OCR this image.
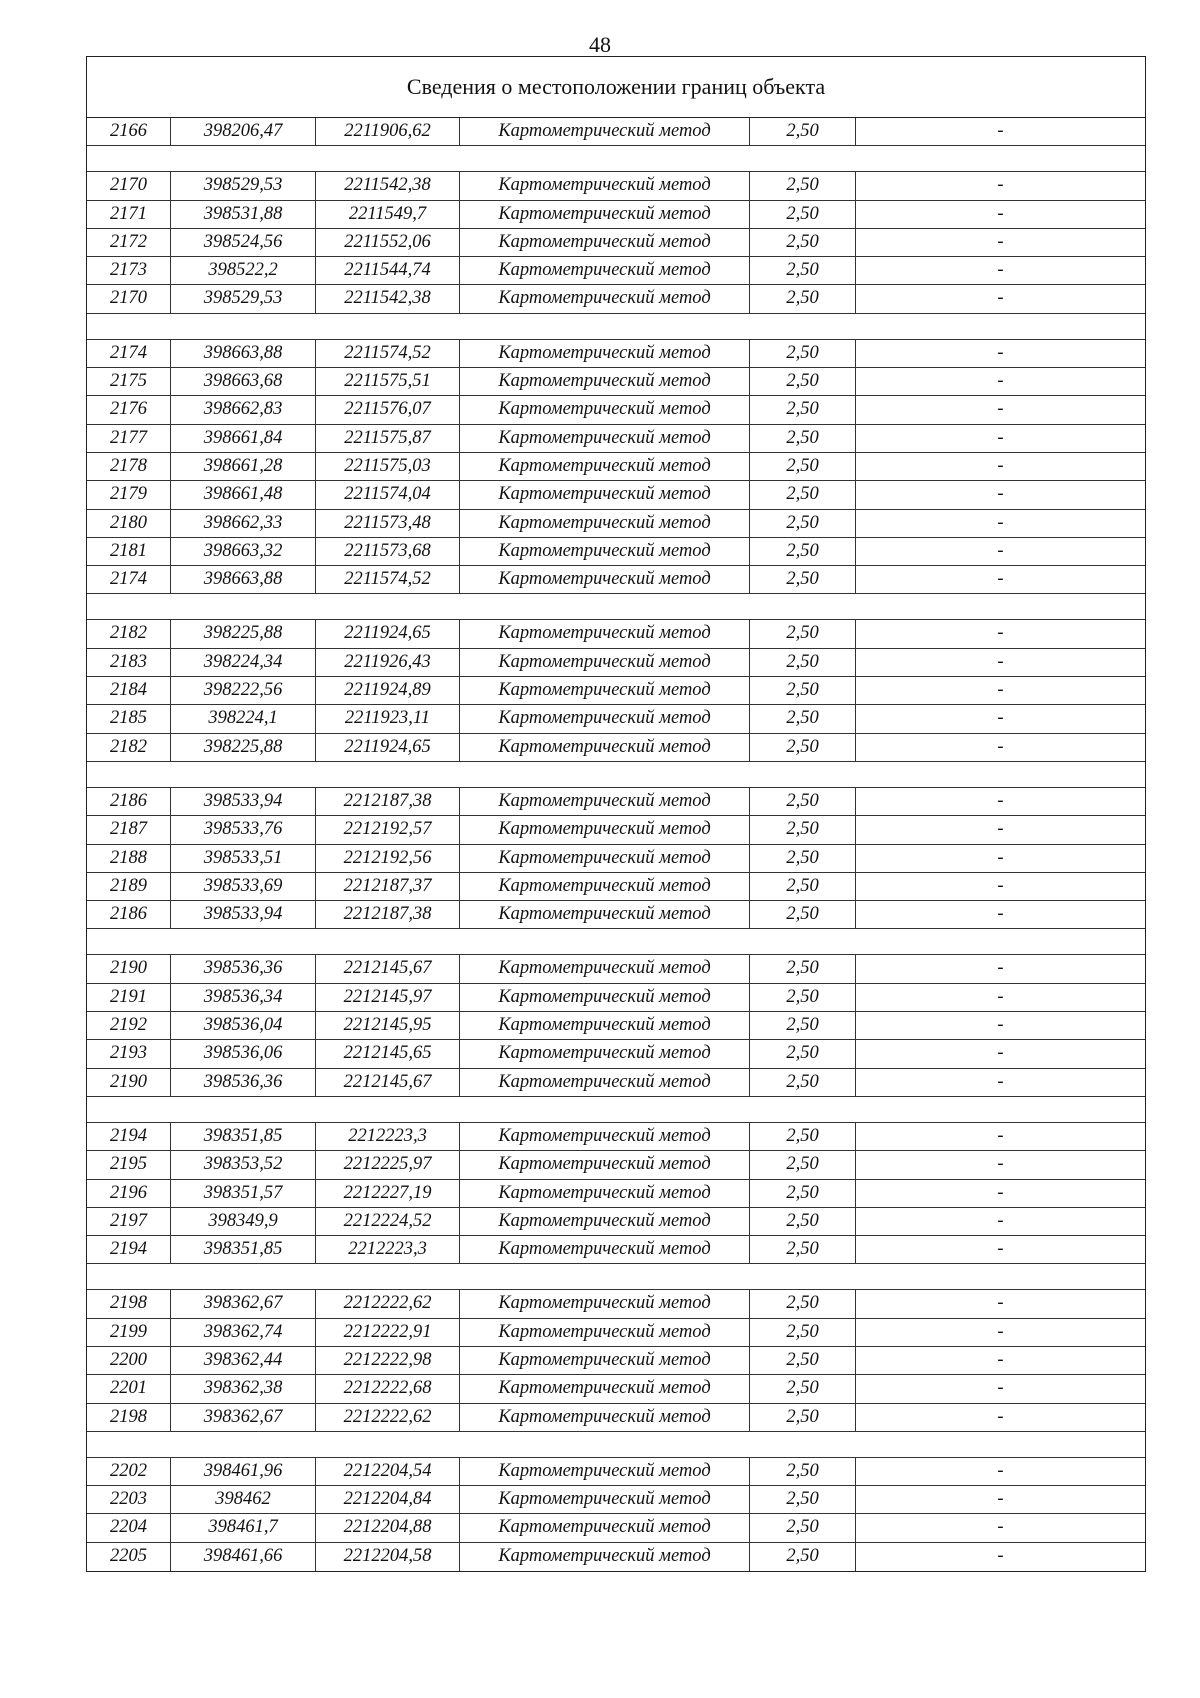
48
Сведения о местоположении границ объекта
2166	398206,47	2211906,62	Картометрический метод	2,50	-
2170	398529,53	2211542,38	Картометрический метод	2,50	-
2171	398531,88	2211549,7	Картометрический метод	2,50	-
2172	398524,56	2211552,06	Картометрический метод	2,50	-
2173	398522,2	2211544,74	Картометрический метод	2,50	-
2170	398529,53	2211542,38	Картометрический метод	2,50	-
2174	398663,88	2211574,52	Картометрический метод	2,50	-
2175	398663,68	2211575,51	Картометрический метод	2,50	-
2176	398662,83	2211576,07	Картометрический метод	2,50	-
2177	398661,84	2211575,87	Картометрический метод	2,50	-
2178	398661,28	2211575,03	Картометрический метод	2,50	-
2179	398661,48	2211574,04	Картометрический метод	2,50	-
2180	398662,33	2211573,48	Картометрический метод	2,50	-
2181	398663,32	2211573,68	Картометрический метод	2,50	-
2174	398663,88	2211574,52	Картометрический метод	2,50	-
2182	398225,88	2211924,65	Картометрический метод	2,50	-
2183	398224,34	2211926,43	Картометрический метод	2,50	-
2184	398222,56	2211924,89	Картометрический метод	2,50	-
2185	398224,1	2211923,11	Картометрический метод	2,50	-
2182	398225,88	2211924,65	Картометрический метод	2,50	-
2186	398533,94	2212187,38	Картометрический метод	2,50	-
2187	398533,76	2212192,57	Картометрический метод	2,50	-
2188	398533,51	2212192,56	Картометрический метод	2,50	-
2189	398533,69	2212187,37	Картометрический метод	2,50	-
2186	398533,94	2212187,38	Картометрический метод	2,50	-
2190	398536,36	2212145,67	Картометрический метод	2,50	-
2191	398536,34	2212145,97	Картометрический метод	2,50	-
2192	398536,04	2212145,95	Картометрический метод	2,50	-
2193	398536,06	2212145,65	Картометрический метод	2,50	-
2190	398536,36	2212145,67	Картометрический метод	2,50	-
2194	398351,85	2212223,3	Картометрический метод	2,50	-
2195	398353,52	2212225,97	Картометрический метод	2,50	-
2196	398351,57	2212227,19	Картометрический метод	2,50	-
2197	398349,9	2212224,52	Картометрический метод	2,50	-
2194	398351,85	2212223,3	Картометрический метод	2,50	-
2198	398362,67	2212222,62	Картометрический метод	2,50	-
2199	398362,74	2212222,91	Картометрический метод	2,50	-
2200	398362,44	2212222,98	Картометрический метод	2,50	-
2201	398362,38	2212222,68	Картометрический метод	2,50	-
2198	398362,67	2212222,62	Картометрический метод	2,50	-
2202	398461,96	2212204,54	Картометрический метод	2,50	-
2203	398462	2212204,84	Картометрический метод	2,50	-
2204	398461,7	2212204,88	Картометрический метод	2,50	-
2205	398461,66	2212204,58	Картометрический метод	2,50	-
